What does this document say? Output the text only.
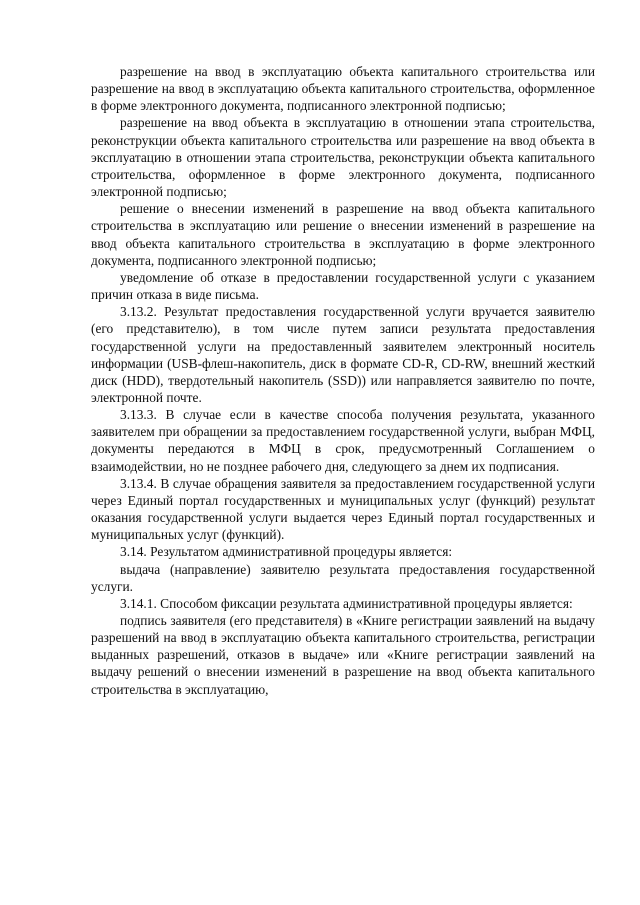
разрешение на ввод в эксплуатацию объекта капитального строительства или разрешение на ввод в эксплуатацию объекта капитального строительства, оформленное в форме электронного документа, подписанного электронной подписью;

разрешение на ввод объекта в эксплуатацию в отношении этапа строительства, реконструкции объекта капитального строительства или разрешение на ввод объекта в эксплуатацию в отношении этапа строительства, реконструкции объекта капитального строительства, оформленное в форме электронного документа, подписанного электронной подписью;

решение о внесении изменений в разрешение на ввод объекта капитального строительства в эксплуатацию или решение о внесении изменений в разрешение на ввод объекта капитального строительства в эксплуатацию в форме электронного документа, подписанного электронной подписью;

уведомление об отказе в предоставлении государственной услуги с указанием причин отказа в виде письма.

3.13.2. Результат предоставления государственной услуги вручается заявителю (его представителю), в том числе путем записи результата предоставления государственной услуги на предоставленный заявителем электронный носитель информации (USB-флеш-накопитель, диск в формате CD-R, CD-RW, внешний жесткий диск (HDD), твердотельный накопитель (SSD)) или направляется заявителю по почте, электронной почте.

3.13.3. В случае если в качестве способа получения результата, указанного заявителем при обращении за предоставлением государственной услуги, выбран МФЦ, документы передаются в МФЦ в срок, предусмотренный Соглашением о взаимодействии, но не позднее рабочего дня, следующего за днем их подписания.

3.13.4. В случае обращения заявителя за предоставлением государственной услуги через Единый портал государственных и муниципальных услуг (функций) результат оказания государственной услуги выдается через Единый портал государственных и муниципальных услуг (функций).

3.14. Результатом административной процедуры является:

выдача (направление) заявителю результата предоставления государственной услуги.

3.14.1. Способом фиксации результата административной процедуры является:

подпись заявителя (его представителя) в «Книге регистрации заявлений на выдачу разрешений на ввод в эксплуатацию объекта капитального строительства, регистрации выданных разрешений, отказов в выдаче» или «Книге регистрации заявлений на выдачу решений о внесении изменений в разрешение на ввод объекта капитального строительства в эксплуатацию,
